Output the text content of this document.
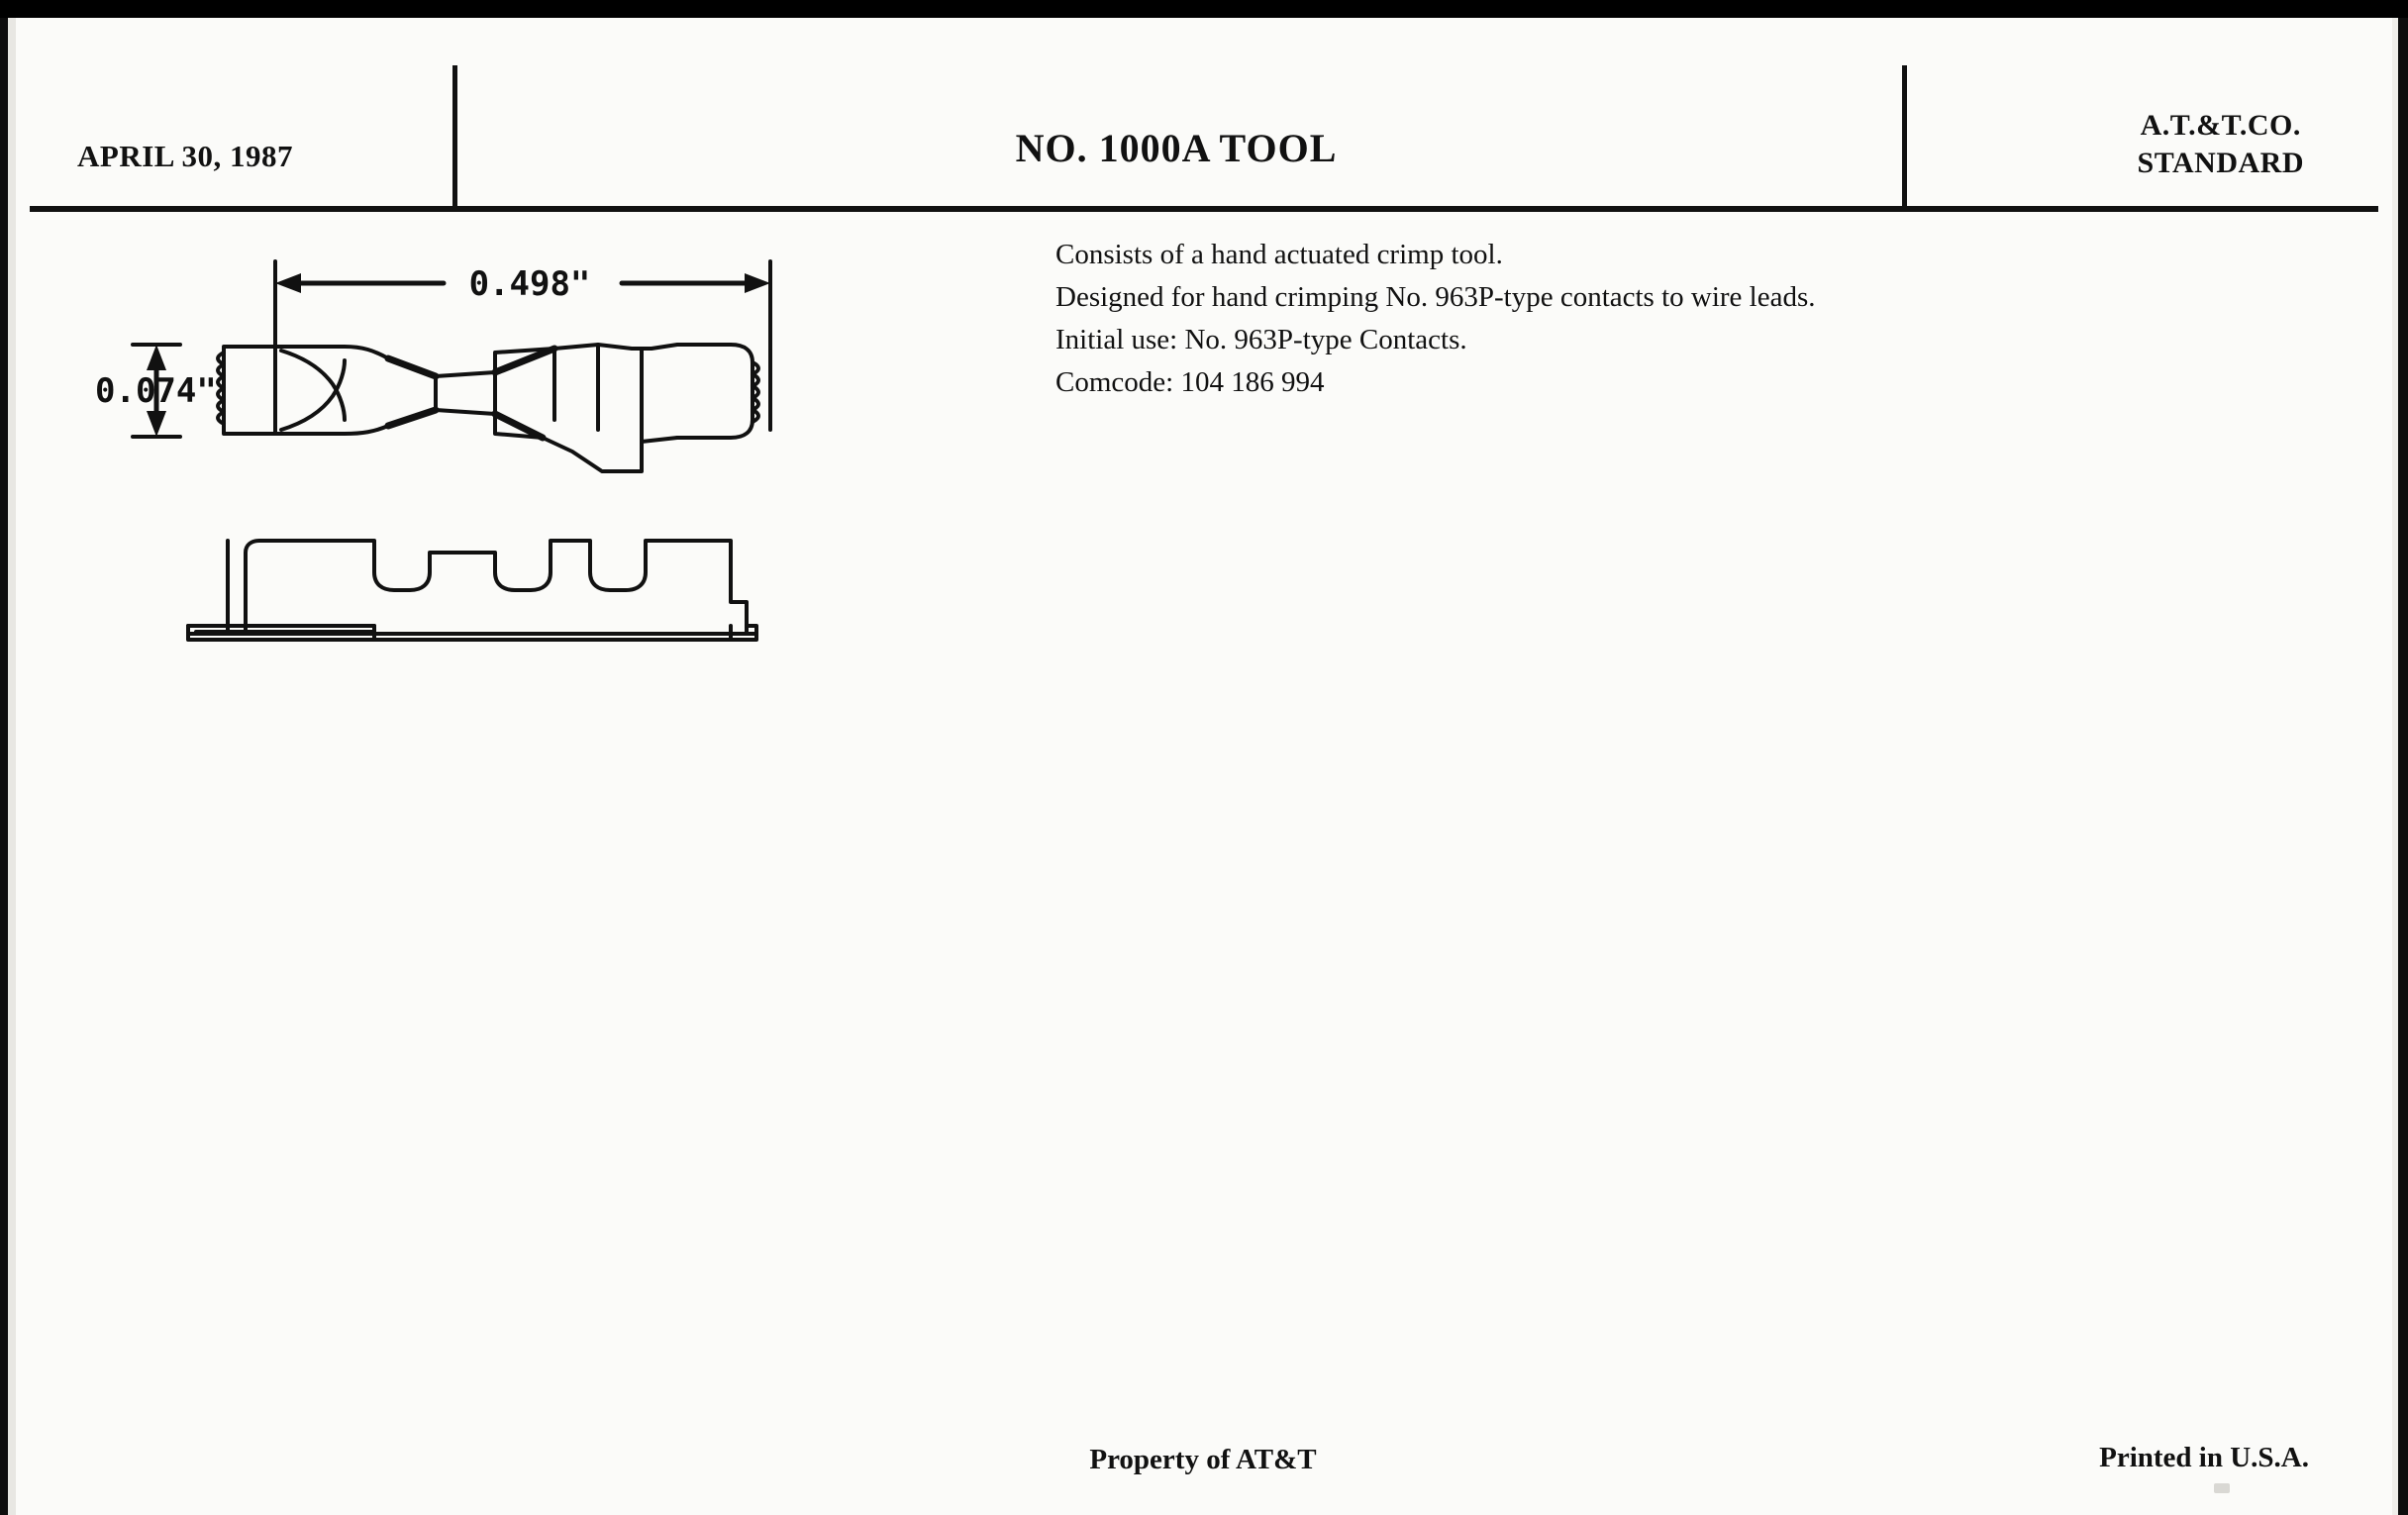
APRIL 30, 1987	NO. 1000A TOOL
A.T.&T.CO.
STANDARD
Consists of a hand actuated crimp tool.
Designed for hand crimping No. 963P-type contacts to wire leads.
Initial use: No. 963P-type Contacts.
Comcode: 104 186 994
0.498"
0.074"
Property of AT&T	Printed in U.S.A.
